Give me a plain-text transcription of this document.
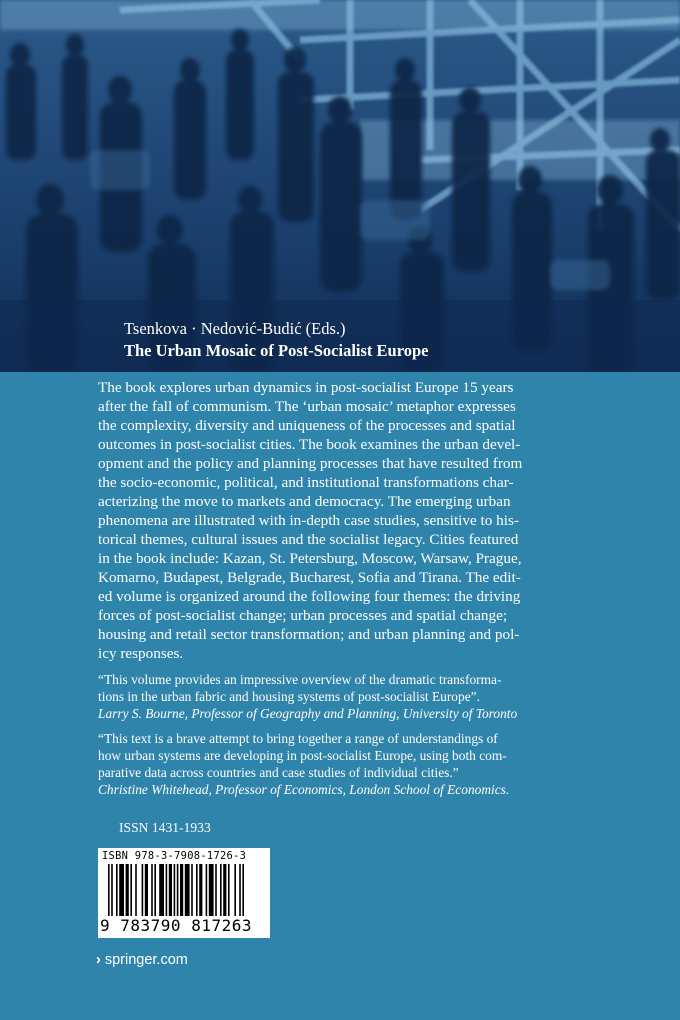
Tsenkova · Nedović-Budić (Eds.)
The Urban Mosaic of Post-Socialist Europe

The book explores urban dynamics in post-socialist Europe 15 years
after the fall of communism. The ‘urban mosaic’ metaphor expresses
the complexity, diversity and uniqueness of the processes and spatial
outcomes in post-socialist cities. The book examines the urban devel-
opment and the policy and planning processes that have resulted from
the socio-economic, political, and institutional transformations char-
acterizing the move to markets and democracy. The emerging urban
phenomena are illustrated with in-depth case studies, sensitive to his-
torical themes, cultural issues and the socialist legacy. Cities featured
in the book include: Kazan, St. Petersburg, Moscow, Warsaw, Prague,
Komarno, Budapest, Belgrade, Bucharest, Sofia and Tirana. The edit-
ed volume is organized around the following four themes: the driving
forces of post-socialist change; urban processes and spatial change;
housing and retail sector transformation; and urban planning and pol-
icy responses.

“This volume provides an impressive overview of the dramatic transforma-
tions in the urban fabric and housing systems of post-socialist Europe”.
Larry S. Bourne, Professor of Geography and Planning, University of Toronto
“This text is a brave attempt to bring together a range of understandings of
how urban systems are developing in post-socialist Europe, using both com-
parative data across countries and case studies of individual cities.”
Christine Whitehead, Professor of Economics, London School of Economics.
ISSN 1431-1933
ISBN 978-3-7908-1726-3
9 783790 817263
› springer.com
